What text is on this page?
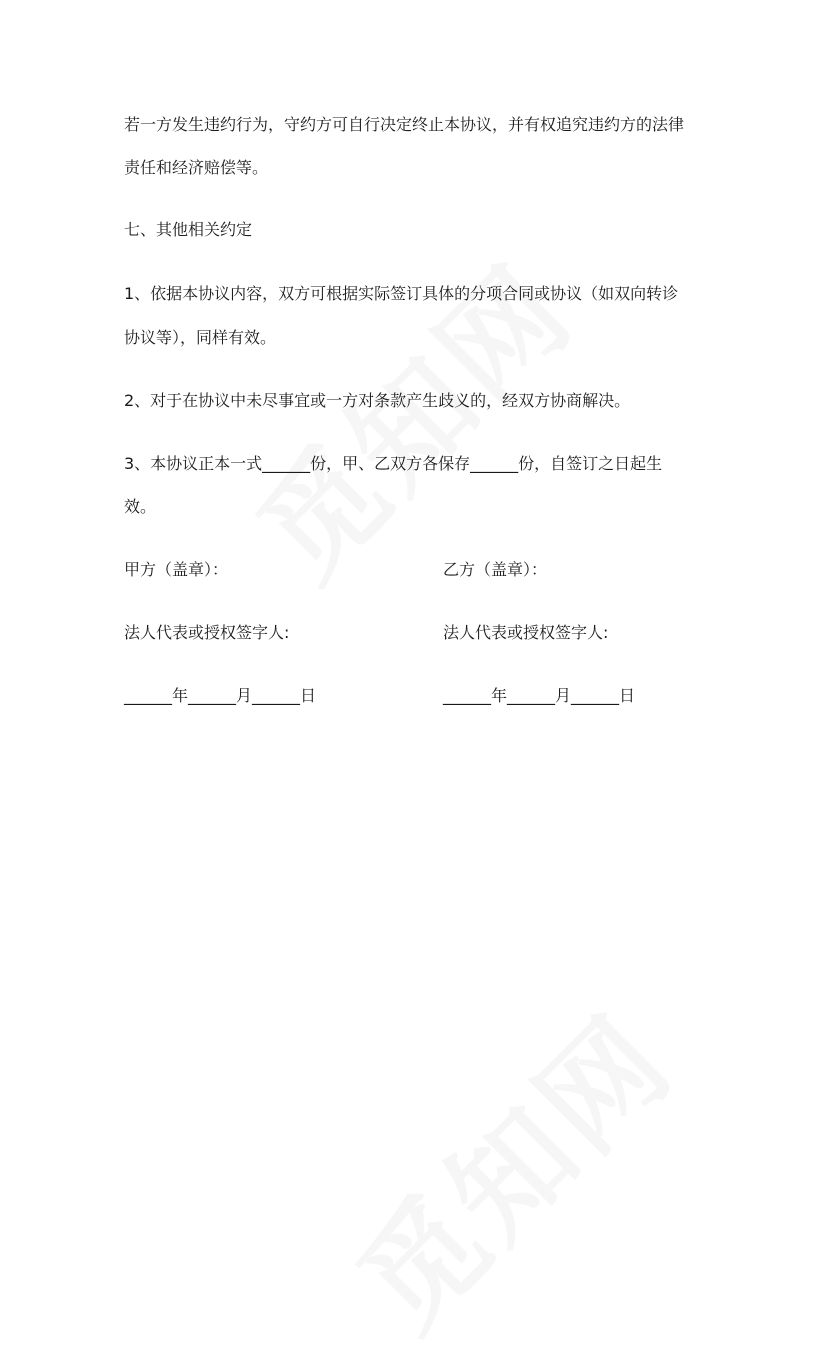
若一方发生违约行为，守约方可自行决定终止本协议，并有权追究违约方的法律
责任和经济赔偿等。
七、其他相关约定
1、依据本协议内容，双方可根据实际签订具体的分项合同或协议（如双向转诊
协议等），同样有效。
2、对于在协议中未尽事宜或一方对条款产生歧义的，经双方协商解决。
3、本协议正本一式______份，甲、乙双方各保存______份，自签订之日起生
效。
甲方（盖章）：	乙方（盖章）：
法人代表或授权签字人:	法人代表或授权签字人:
______年______月______日	______年______月______日
